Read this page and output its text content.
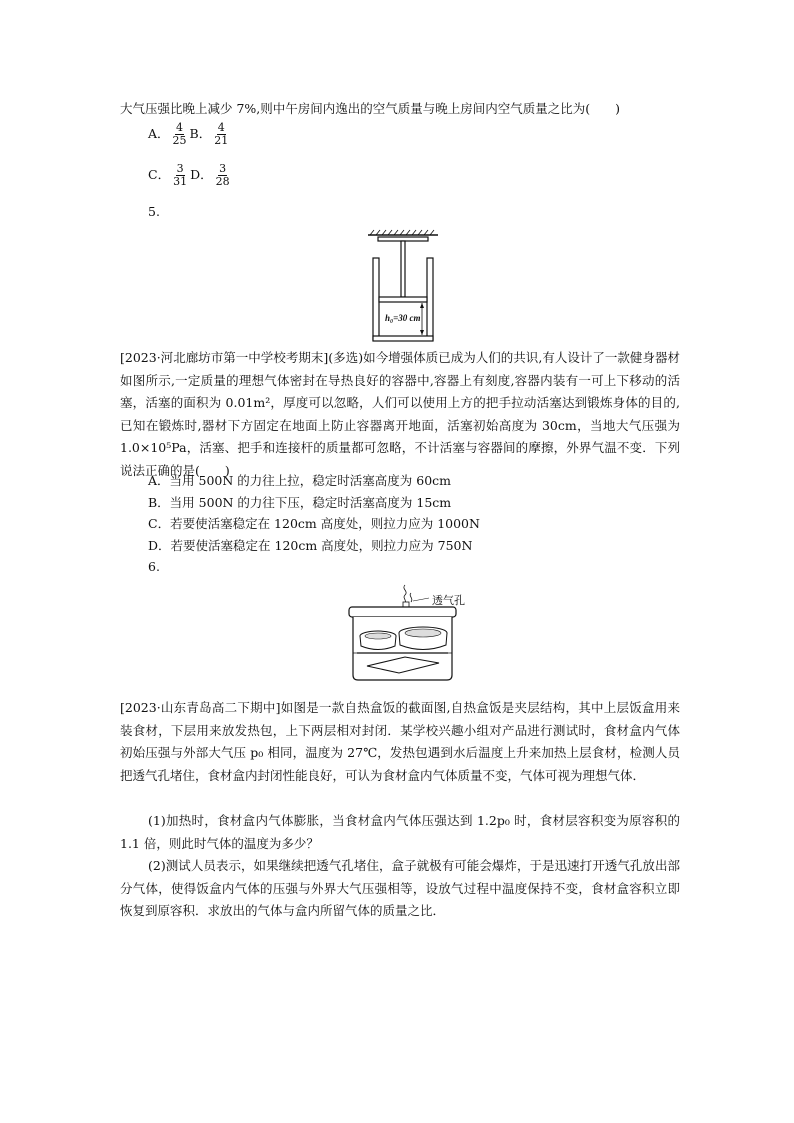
大气压强比晚上减少 7%,则中午房间内逸出的空气质量与晚上房间内空气质量之比为(　　)
A． $\frac{4}{25}$ B． $\frac{4}{21}$
C． $\frac{3}{31}$ D． $\frac{3}{28}$
5.
h₀=30 cm
[2023·河北廊坊市第一中学校考期末](多选)如今增强体质已成为人们的共识,有人设计了一款健身器材如图所示,一定质量的理想气体密封在导热良好的容器中,容器上有刻度,容器内装有一可上下移动的活塞，活塞的面积为 0.01m²，厚度可以忽略，人们可以使用上方的把手拉动活塞达到锻炼身体的目的,已知在锻炼时,器材下方固定在地面上防止容器离开地面，活塞初始高度为 30cm，当地大气压强为 1.0×10⁵Pa，活塞、把手和连接杆的质量都可忽略，不计活塞与容器间的摩擦，外界气温不变．下列说法正确的是(　　)
A．当用 500N 的力往上拉，稳定时活塞高度为 60cm
B．当用 500N 的力往下压，稳定时活塞高度为 15cm
C．若要使活塞稳定在 120cm 高度处，则拉力应为 1000N
D．若要使活塞稳定在 120cm 高度处，则拉力应为 750N
6.
透气孔
[2023·山东青岛高二下期中]如图是一款自热盒饭的截面图,自热盒饭是夹层结构，其中上层饭盒用来装食材，下层用来放发热包，上下两层相对封闭．某学校兴趣小组对产品进行测试时，食材盒内气体初始压强与外部大气压 p₀ 相同，温度为 27℃，发热包遇到水后温度上升来加热上层食材，检测人员把透气孔堵住，食材盒内封闭性能良好，可认为食材盒内气体质量不变，气体可视为理想气体．
(1)加热时，食材盒内气体膨胀，当食材盒内气体压强达到 1.2p₀ 时，食材层容积变为原容积的 1.1 倍，则此时气体的温度为多少？
(2)测试人员表示，如果继续把透气孔堵住，盒子就极有可能会爆炸，于是迅速打开透气孔放出部分气体，使得饭盒内气体的压强与外界大气压强相等，设放气过程中温度保持不变，食材盒容积立即恢复到原容积．求放出的气体与盒内所留气体的质量之比．
